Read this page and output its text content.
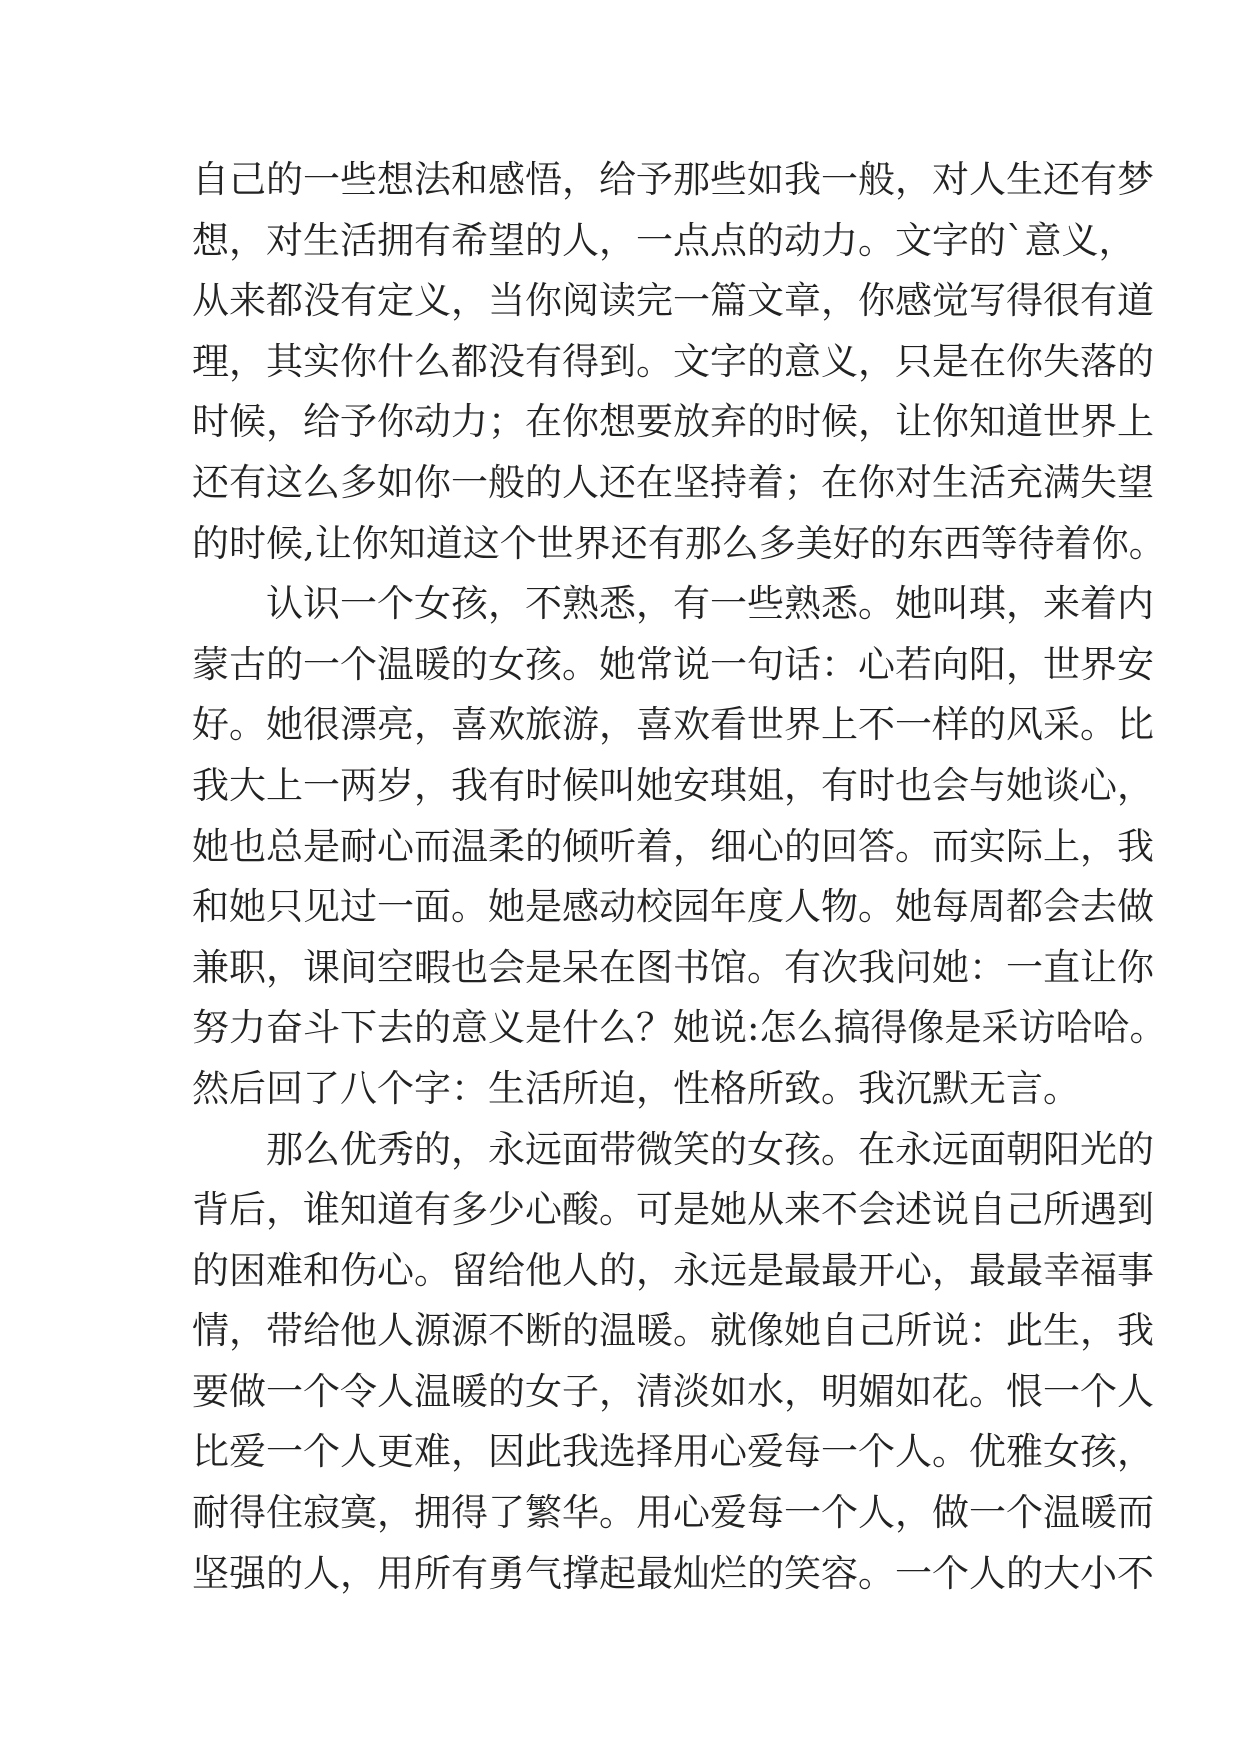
自己的一些想法和感悟，给予那些如我一般，对人生还有梦
想，对生活拥有希望的人，一点点的动力。文字的`意义，
从来都没有定义，当你阅读完一篇文章，你感觉写得很有道
理，其实你什么都没有得到。文字的意义，只是在你失落的
时候，给予你动力；在你想要放弃的时候，让你知道世界上
还有这么多如你一般的人还在坚持着；在你对生活充满失望
的时候,让你知道这个世界还有那么多美好的东西等待着你。
认识一个女孩，不熟悉，有一些熟悉。她叫琪，来着内
蒙古的一个温暖的女孩。她常说一句话：心若向阳，世界安
好。她很漂亮，喜欢旅游，喜欢看世界上不一样的风采。比
我大上一两岁，我有时候叫她安琪姐，有时也会与她谈心，
她也总是耐心而温柔的倾听着，细心的回答。而实际上，我
和她只见过一面。她是感动校园年度人物。她每周都会去做
兼职，课间空暇也会是呆在图书馆。有次我问她：一直让你
努力奋斗下去的意义是什么？她说:怎么搞得像是采访哈哈。
然后回了八个字：生活所迫，性格所致。我沉默无言。
那么优秀的，永远面带微笑的女孩。在永远面朝阳光的
背后，谁知道有多少心酸。可是她从来不会述说自己所遇到
的困难和伤心。留给他人的，永远是最最开心，最最幸福事
情，带给他人源源不断的温暖。就像她自己所说：此生，我
要做一个令人温暖的女子，清淡如水，明媚如花。恨一个人
比爱一个人更难，因此我选择用心爱每一个人。优雅女孩，
耐得住寂寞，拥得了繁华。用心爱每一个人，做一个温暖而
坚强的人，用所有勇气撑起最灿烂的笑容。一个人的大小不
